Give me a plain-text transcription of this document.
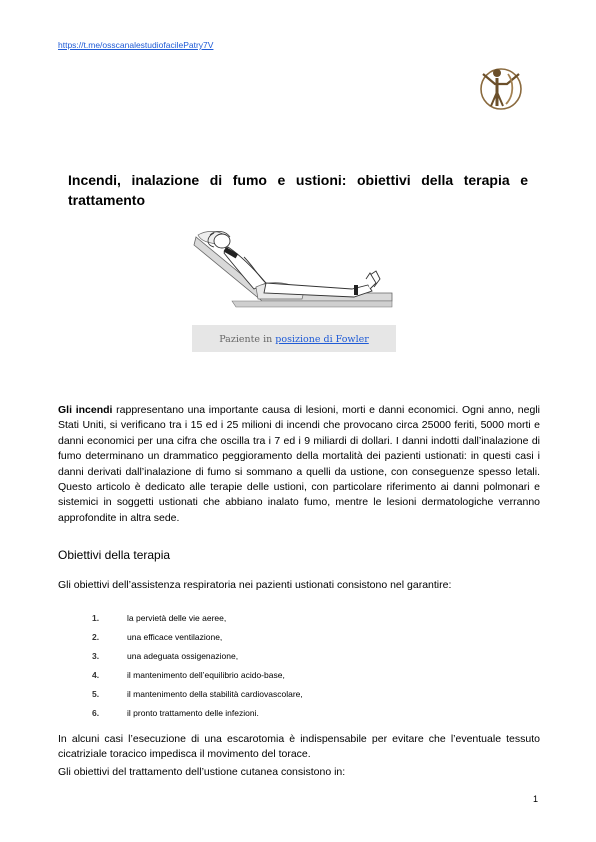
https://t.me/osscanalestudiofacilePatry7V
Incendi, inalazione di fumo e ustioni: obiettivi della terapia e trattamento
Paziente in posizione di Fowler
Gli incendi rappresentano una importante causa di lesioni, morti e danni economici. Ogni anno, negli Stati Uniti, si verificano tra i 15 ed i 25 milioni di incendi che provocano circa 25000 feriti, 5000 morti e danni economici per una cifra che oscilla tra i 7 ed i 9 miliardi di dollari. I danni indotti dall’inalazione di fumo determinano un drammatico peggioramento della mortalità dei pazienti ustionati: in questi casi i danni derivati dall’inalazione di fumo si sommano a quelli da ustione, con conseguenze spesso letali. Questo articolo è dedicato alle terapie delle ustioni, con particolare riferimento ai danni polmonari e sistemici in soggetti ustionati che abbiano inalato fumo, mentre le lesioni dermatologiche verranno approfondite in altra sede.
Obiettivi della terapia
Gli obiettivi dell’assistenza respiratoria nei pazienti ustionati consistono nel garantire:
1.	la pervietà delle vie aeree,
2.	una efficace ventilazione,
3.	una adeguata ossigenazione,
4.	il mantenimento dell’equilibrio acido-base,
5.	il mantenimento della stabilità cardiovascolare,
6.	il pronto trattamento delle infezioni.
In alcuni casi l’esecuzione di una escarotomia è indispensabile per evitare che l’eventuale tessuto cicatriziale toracico impedisca il movimento del torace.
Gli obiettivi del trattamento dell’ustione cutanea consistono in:
1
